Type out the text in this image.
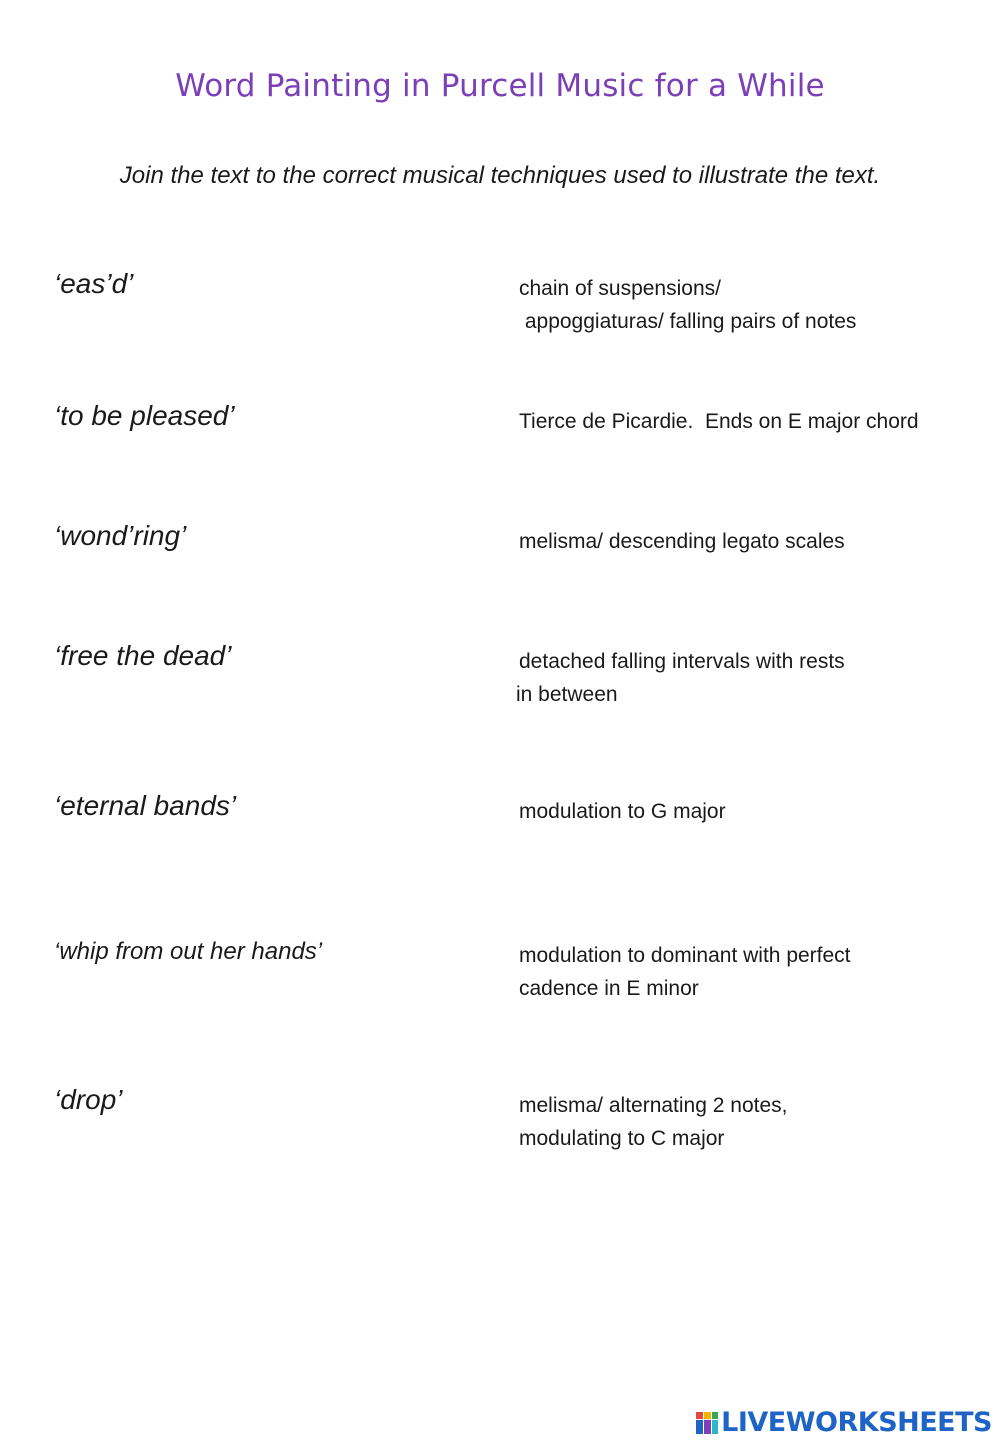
Word Painting in Purcell Music for a While
Join the text to the correct musical techniques used to illustrate the text.
‘eas’d’
‘to be pleased’
‘wond’ring’
‘free the dead’
‘eternal bands’
‘whip from out her hands’
‘drop’
chain of suspensions/
appoggiaturas/ falling pairs of notes
Tierce de Picardie.  Ends on E major chord
melisma/ descending legato scales
detached falling intervals with rests
in between
modulation to G major
modulation to dominant with perfect
cadence in E minor
melisma/ alternating 2 notes,
modulating to C major
LIVEWORKSHEETS
